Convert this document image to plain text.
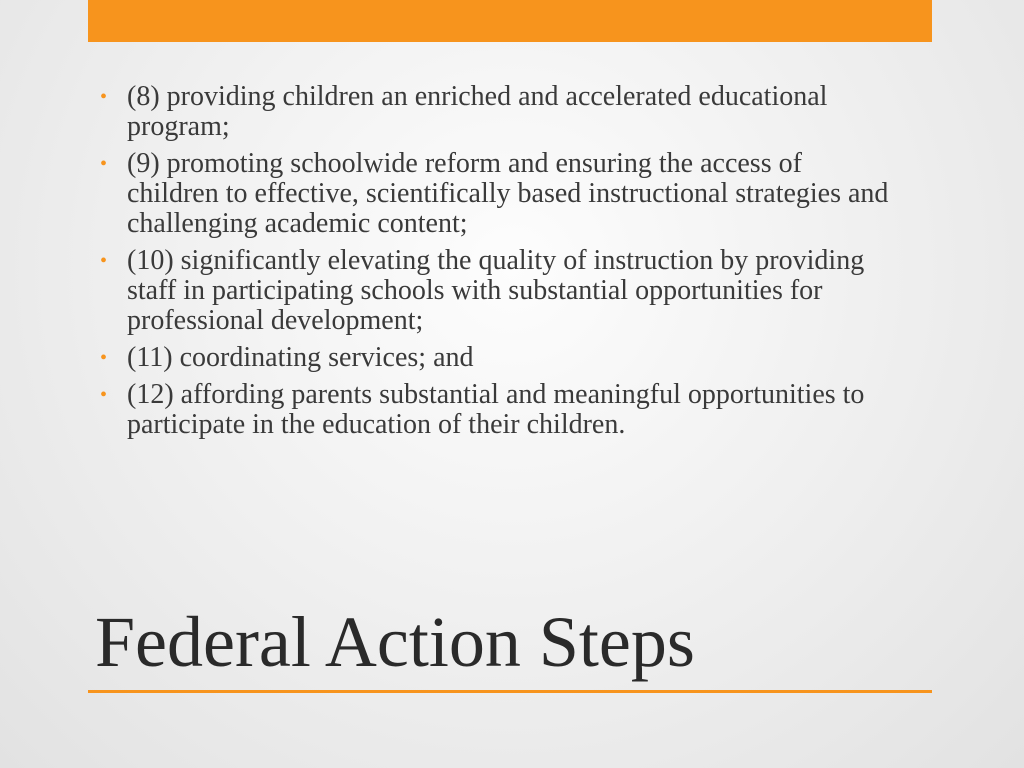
• (8) providing children an enriched and accelerated educational program;
• (9) promoting schoolwide reform and ensuring the access of children to effective, scientifically based instructional strategies and challenging academic content;
• (10) significantly elevating the quality of instruction by providing staff in participating schools with substantial opportunities for professional development;
• (11) coordinating services; and
• (12) affording parents substantial and meaningful opportunities to participate in the education of their children.
Federal Action Steps
